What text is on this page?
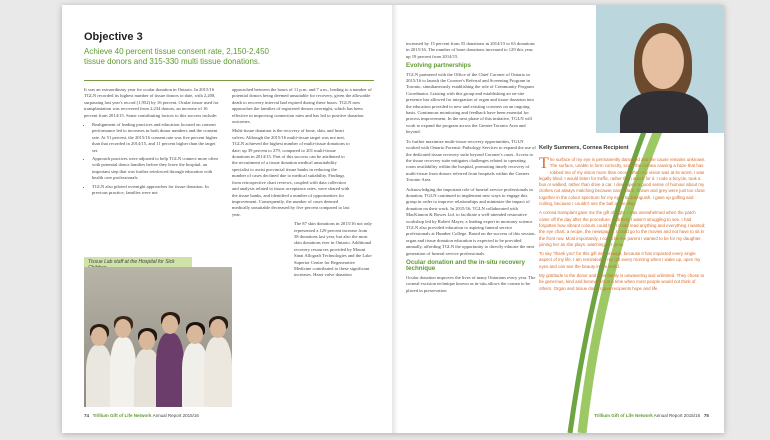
Objective 3
Achieve 40 percent tissue consent rate, 2,150-2,450 tissue donors and 315-330 multi tissue donations.

It was an extraordinary year for ocular donation in Ontario. In 2015/16 TGLN recorded its highest number of tissue donors to date, with 2,208, surpassing last year's record (1,952) by 16 percent. Ocular tissue used for transplantation was recovered from 2,234 donors, an increase of 16 percent from 2014/15. Some contributing factors to this success include:

• Realignment of leading practices and education focused on consent performance led to increases in both donor numbers and the consent rate. At 51 percent, the 2015/16 consent rate was five percent higher than that recorded in 2014/15, and 11 percent higher than the target set.
• Approach practices were adjusted to help TGLN connect more often with potential donor families before they leave the hospital, an important step that was further reinforced through education with health care professionals.
• TGLN also piloted overnight approaches for tissue donation. In previous practice, families were not

approached between the hours of 11 p.m. and 7 a.m., leading to a number of potential donors being deemed unsuitable for recovery, given the allowable death to recovery interval had expired during these hours. TGLN now approaches the families of registered donors overnight, which has been effective in improving connection rates and has led to positive donation outcomes.

Multi-tissue donation is the recovery of bone, skin, and heart valves. Although the 2015/16 multi-tissue target was not met, TGLN achieved the highest number of multi-tissue donations to date; up 39 percent to 279, compared to 201 multi-tissue donations in 2014/15. Part of this success can be attributed to the recruitment of a tissue donation medical unsuitability specialist to assist provincial tissue banks in reducing the number of cases declined due to medical suitability. Findings from retrospective chart reviews, coupled with data collection and analysis related to tissue acceptance rates, were shared with the tissue banks, and identified a number of opportunities for improvement. Consequently, the number of cases deemed medically unsuitable decreased by five percent compared to last year.

The 87 skin donations in 2015/16 not only represented a 129 percent increase from 38 donations last year, but also the most skin donations ever in Ontario. Additional recovery resources provided by Mount Sinai Allograft Technologies and the Lake Superior Centre for Regenerative Medicine contributed to these significant increases. Heart valve donation

Tissue Lab staff at the Hospital for Sick
74 Trillium Gift of Life Network Annual Report 2015/16

increased by 15 percent from 55 donations in 2014/15 to 63 donations in 2015/16. The number of bone donations increased to 129 this year, up 19 percent from 2014/15.

Evolving partnerships

TGLN partnered with the Office of the Chief Coroner of Ontario in 2015/16 to launch the Coroner's Referral and Screening Program in Toronto, simultaneously establishing the role of Community Program Coordinator. Liaising with this group and establishing an on-site presence has allowed for integration of organ and tissue donation into the education provided to new and existing coroners on an ongoing basis. Continuous monitoring and feedback have been essential for process improvement. In the next phase of this initiative, TGLN will work to expand the program across the Greater Toronto Area and beyond.

To further maximize multi-tissue recovery opportunities, TGLN worked with Ontario Forensic Pathology Services to expand the use of the dedicated tissue recovery suite beyond Coroner's cases. Access to the tissue recovery suite mitigates challenges related to operating room availability within the hospital, promoting timely recovery of multi-tissue from donors referred from hospitals within the Greater Toronto Area.

Acknowledging the important role of funeral service professionals in donation, TGLN continued to implement new ways to engage this group in order to improve relationships and minimize the impact of donation on their work. In 2015/16, TGLN collaborated with MacKinnon & Bowes Ltd. to facilitate a well-attended restorative workshop led by Robert Mayer, a leading expert in mortuary science. TGLN also provided education to aspiring funeral service professionals at Humber College. Based on the success of this session, organ and tissue donation education is expected to be provided annually, affording TGLN the opportunity to directly educate the next generation of funeral service professionals.

Ocular donation and the in-situ recovery technique

Ocular donation improves the lives of many Ontarians every year. The corneal excision technique known as in-situ allows the cornea to be placed in preservation

Kelly Summers, Cornea Recipient

The surface of my eye is permanently damaged and the cause remains unknown. The surface, unable to form correctly, scars the cornea causing a haze that has robbed me of my vision more than once. When my vision was at its worst, I was legally blind. I would listen for traffic, rather than watch for it. I rode a bicycle, took a bus or walked, rather than drive a car. I developed a good sense of humour about my clothes not always matching because navy, black, brown and grey were just too close together in the colour spectrum for my eyes to distinguish. I gave up golfing and curling, because I couldn't see the ball or the skip.

A cornea transplant gave me the gift of sight. I was overwhelmed when the patch came off the day after the procedure; suddenly I wasn't struggling to see. I had forgotten how vibrant colours could be. I could read anything and everything I wanted; the eye chart, a recipe, the newspaper. I could go to the movies and not have to sit in the front row. Most importantly, I could be the parent I wanted to be for my daughter, joining her as she plays, watching her grow.

To say "thank you" for this gift isn't enough, because it has impacted every single aspect of my life. I am reminded of my gift every morning when I wake up, open my eyes and can see the beauty in the world.

My gratitude to the donor and their family is unwavering and unlimited. They chose to be generous, kind and benevolent at a time when most people would not think of others. Organ and tissue donors give recipients hope and life.

Trillium Gift of Life Network Annual Report 2015/16 75
